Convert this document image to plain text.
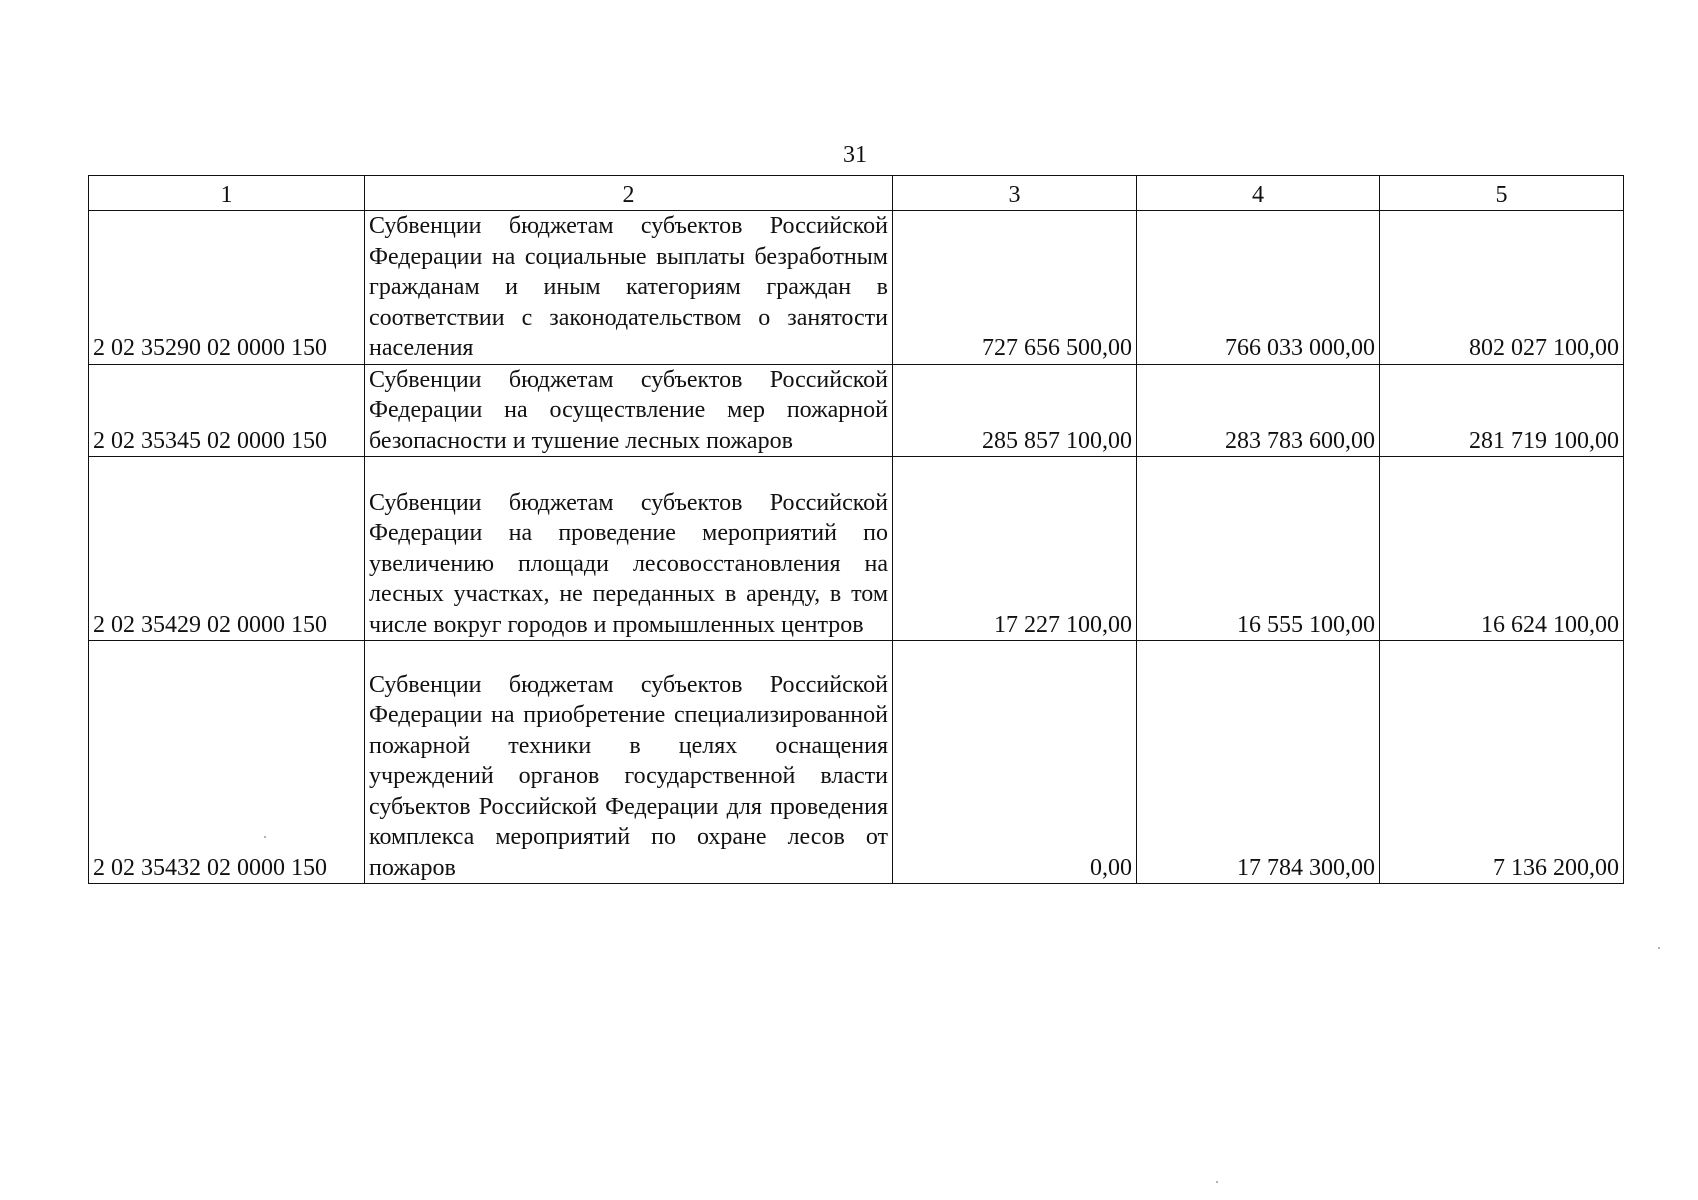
31
1	2	3	4	5
2 02 35290 02 0000 150	Субвенции бюджетам субъектов Российской Федерации на социальные выплаты безработным гражданам и иным категориям граждан в соответствии с законодательством о занятости населения	727 656 500,00	766 033 000,00	802 027 100,00
2 02 35345 02 0000 150	Субвенции бюджетам субъектов Российской Федерации на осуществление мер пожарной безопасности и тушение лесных пожаров	285 857 100,00	283 783 600,00	281 719 100,00
2 02 35429 02 0000 150	Субвенции бюджетам субъектов Российской Федерации на проведение мероприятий по увеличению площади лесовосстановления на лесных участках, не переданных в аренду, в том числе вокруг городов и промышленных центров	17 227 100,00	16 555 100,00	16 624 100,00
2 02 35432 02 0000 150	Субвенции бюджетам субъектов Российской Федерации на приобретение специализированной пожарной техники в целях оснащения учреждений органов государственной власти субъектов Российской Федерации для проведения комплекса мероприятий по охране лесов от пожаров	0,00	17 784 300,00	7 136 200,00
